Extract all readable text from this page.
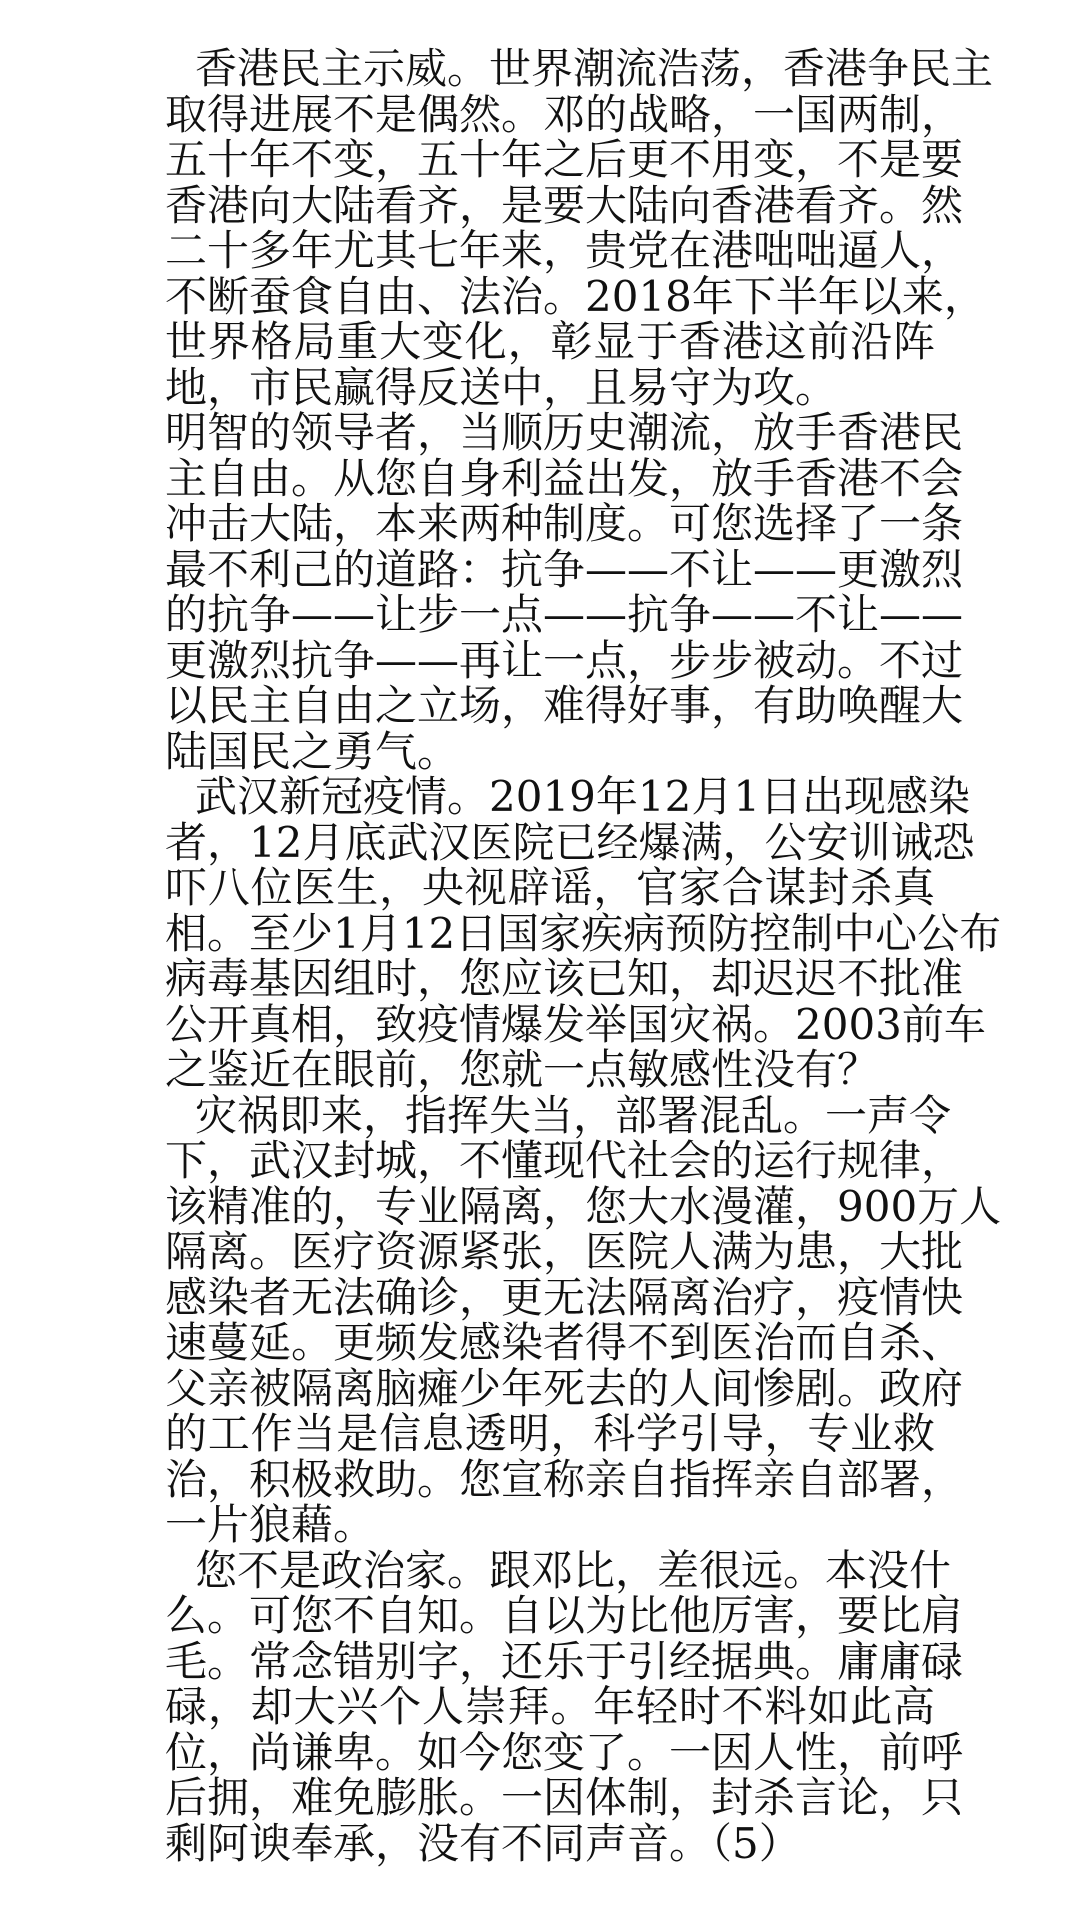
香港民主示威。世界潮流浩荡，香港争民主
取得进展不是偶然。邓的战略，一国两制，
五十年不变，五十年之后更不用变，不是要
香港向大陆看齐，是要大陆向香港看齐。然
二十多年尤其七年来，贵党在港咄咄逼人，
不断蚕食自由、法治。2018年下半年以来，
世界格局重大变化，彰显于香港这前沿阵
地，市民赢得反送中，且易守为攻。
明智的领导者，当顺历史潮流，放手香港民
主自由。从您自身利益出发，放手香港不会
冲击大陆，本来两种制度。可您选择了一条
最不利己的道路：抗争——不让——更激烈
的抗争——让步一点——抗争——不让——
更激烈抗争——再让一点，步步被动。不过
以民主自由之立场，难得好事，有助唤醒大
陆国民之勇气。
武汉新冠疫情。2019年12月1日出现感染
者，12月底武汉医院已经爆满，公安训诫恐
吓八位医生，央视辟谣，官家合谋封杀真
相。至少1月12日国家疾病预防控制中心公布
病毒基因组时，您应该已知，却迟迟不批准
公开真相，致疫情爆发举国灾祸。2003前车
之鉴近在眼前，您就一点敏感性没有？
灾祸即来，指挥失当，部署混乱。一声令
下，武汉封城，不懂现代社会的运行规律，
该精准的，专业隔离，您大水漫灌，900万人
隔离。医疗资源紧张，医院人满为患，大批
感染者无法确诊，更无法隔离治疗，疫情快
速蔓延。更频发感染者得不到医治而自杀、
父亲被隔离脑瘫少年死去的人间惨剧。政府
的工作当是信息透明，科学引导，专业救
治，积极救助。您宣称亲自指挥亲自部署，
一片狼藉。
您不是政治家。跟邓比，差很远。本没什
么。可您不自知。自以为比他厉害，要比肩
毛。常念错别字，还乐于引经据典。庸庸碌
碌，却大兴个人崇拜。年轻时不料如此高
位，尚谦卑。如今您变了。一因人性，前呼
后拥，难免膨胀。一因体制，封杀言论，只
剩阿谀奉承，没有不同声音。（5）
